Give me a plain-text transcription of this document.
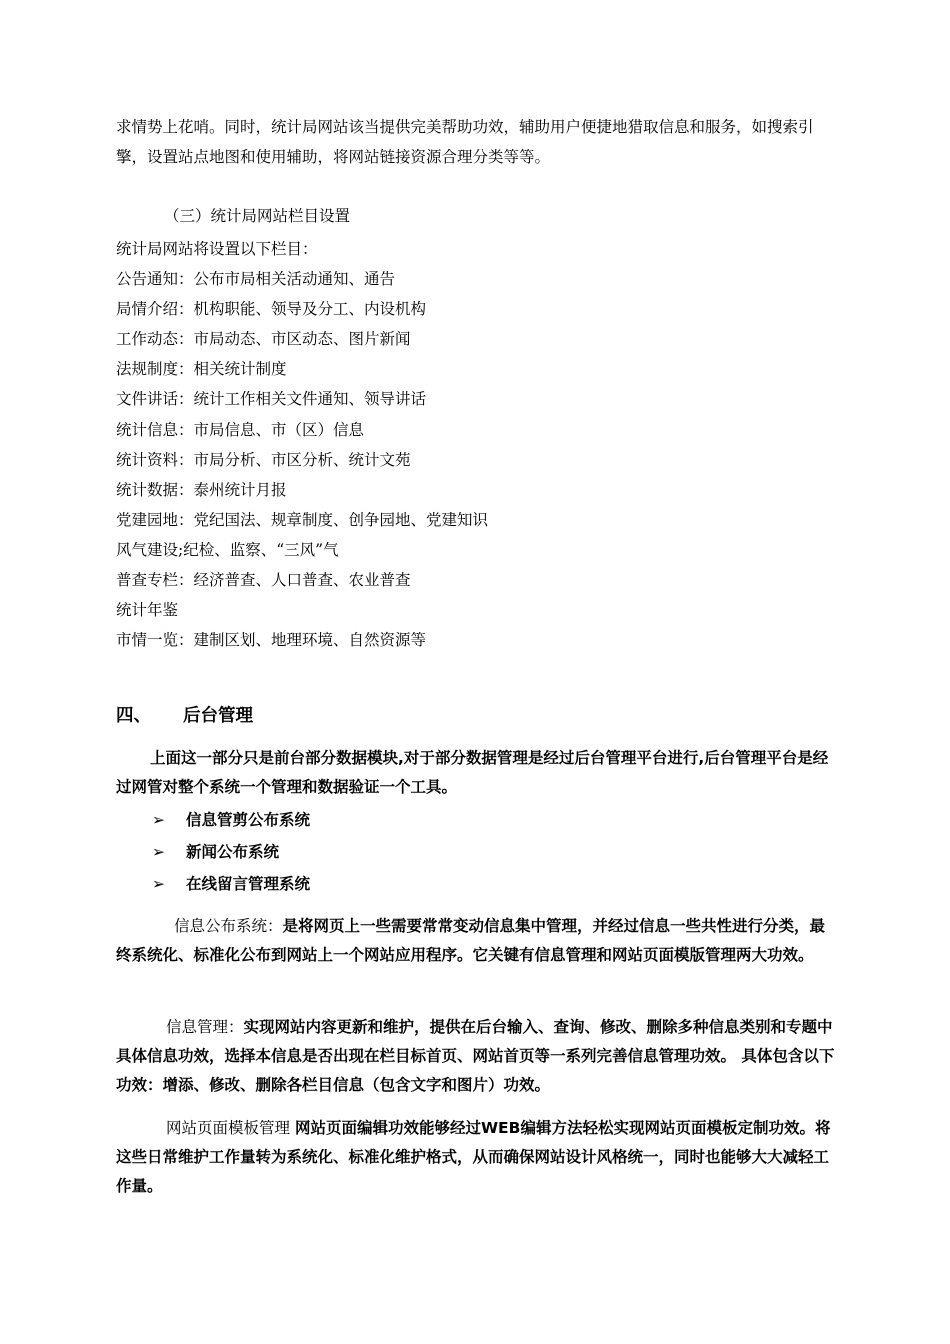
求情势上花哨。同时，统计局网站该当提供完美帮助功效，辅助用户便捷地猎取信息和服务，如搜索引擎，设置站点地图和使用辅助，将网站链接资源合理分类等等。

（三）统计局网站栏目设置

统计局网站将设置以下栏目：
公告通知：公布市局相关活动通知、通告
局情介绍：机构职能、领导及分工、内设机构
工作动态：市局动态、市区动态、图片新闻
法规制度：相关统计制度
文件讲话：统计工作相关文件通知、领导讲话
统计信息：市局信息、市（区）信息
统计资料：市局分析、市区分析、统计文苑
统计数据：泰州统计月报
党建园地：党纪国法、规章制度、创争园地、党建知识
风气建设;纪检、监察、“三风”气
普查专栏：经济普查、人口普查、农业普查
统计年鉴
市情一览：建制区划、地理环境、自然资源等
四、 后台管理

上面这一部分只是前台部分数据模块,对于部分数据管理是经过后台管理平台进行,后台管理平台是经过网管对整个系统一个管理和数据验证一个工具。

➢ 信息管剪公布系统
➢ 新闻公布系统
➢ 在线留言管理系统

信息公布系统：是将网页上一些需要常常变动信息集中管理，并经过信息一些共性进行分类，最终系统化、标准化公布到网站上一个网站应用程序。它关键有信息管理和网站页面模版管理两大功效。

信息管理：实现网站内容更新和维护，提供在后台输入、查询、修改、删除多种信息类别和专题中具体信息功效，选择本信息是否出现在栏目标首页、网站首页等一系列完善信息管理功效。 具体包含以下功效：增添、修改、删除各栏目信息（包含文字和图片）功效。

网站页面模板管理 网站页面编辑功效能够经过WEB编辑方法轻松实现网站页面模板定制功效。将这些日常维护工作量转为系统化、标准化维护格式，从而确保网站设计风格统一，同时也能够大大减轻工作量。
